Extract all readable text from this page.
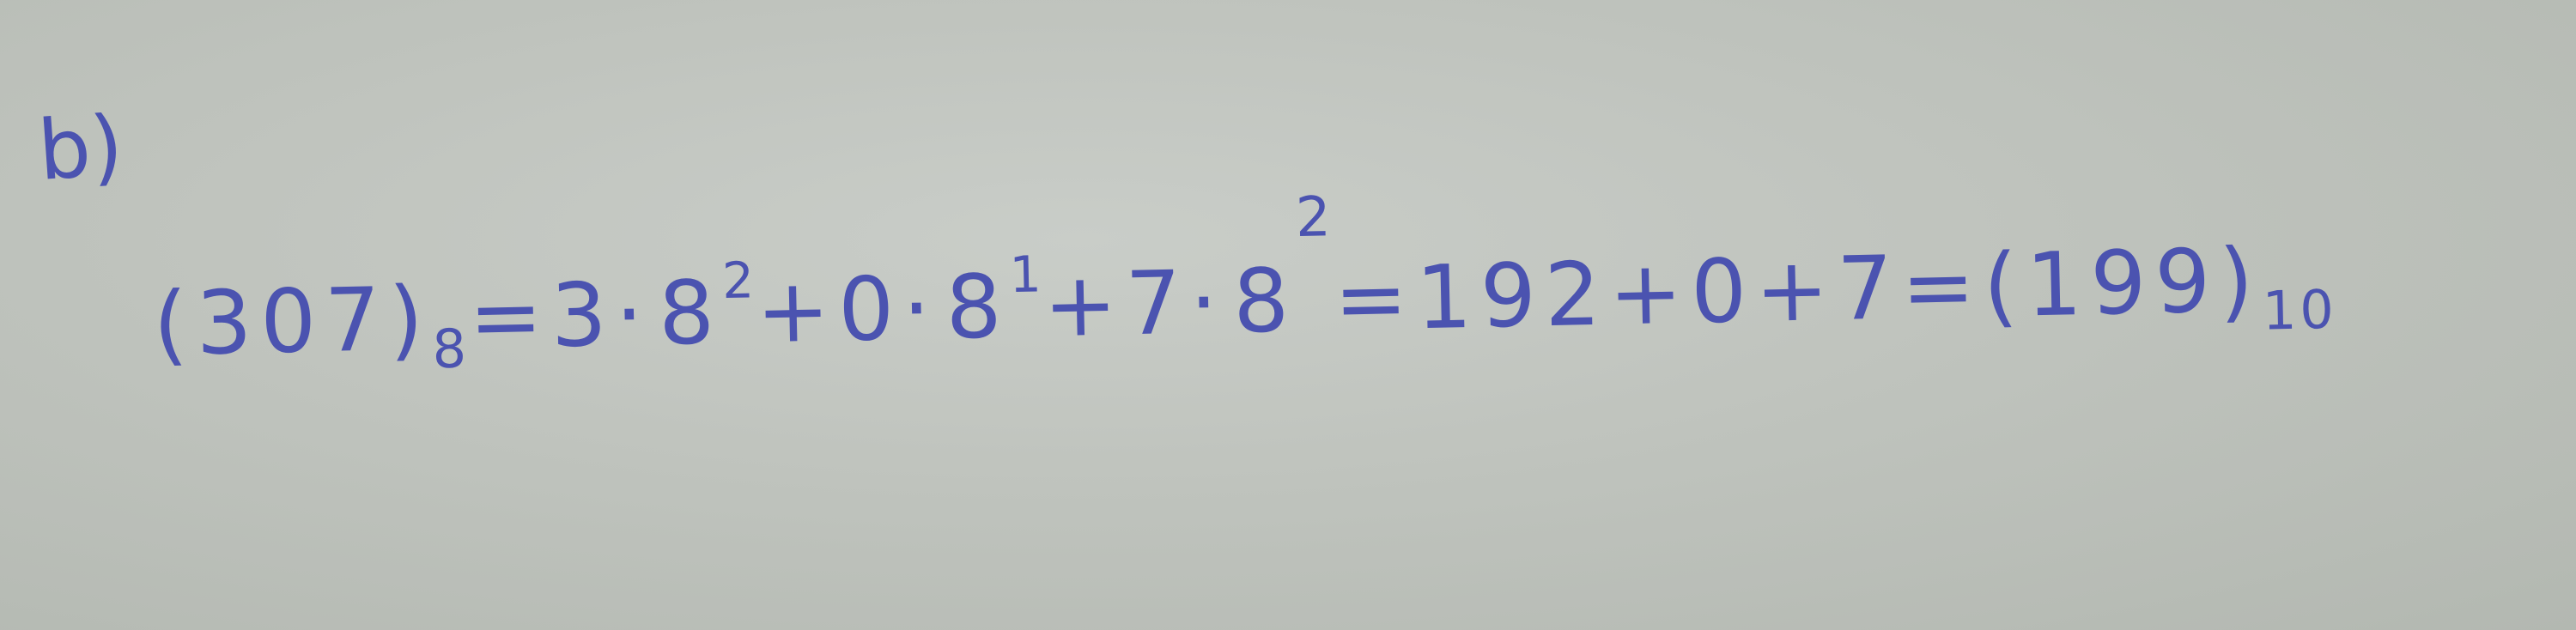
b)
$(307)_8=3\cdot 8^2+0\cdot 8^1+7\cdot 8^2=192+0+7=(199)_{10}$
